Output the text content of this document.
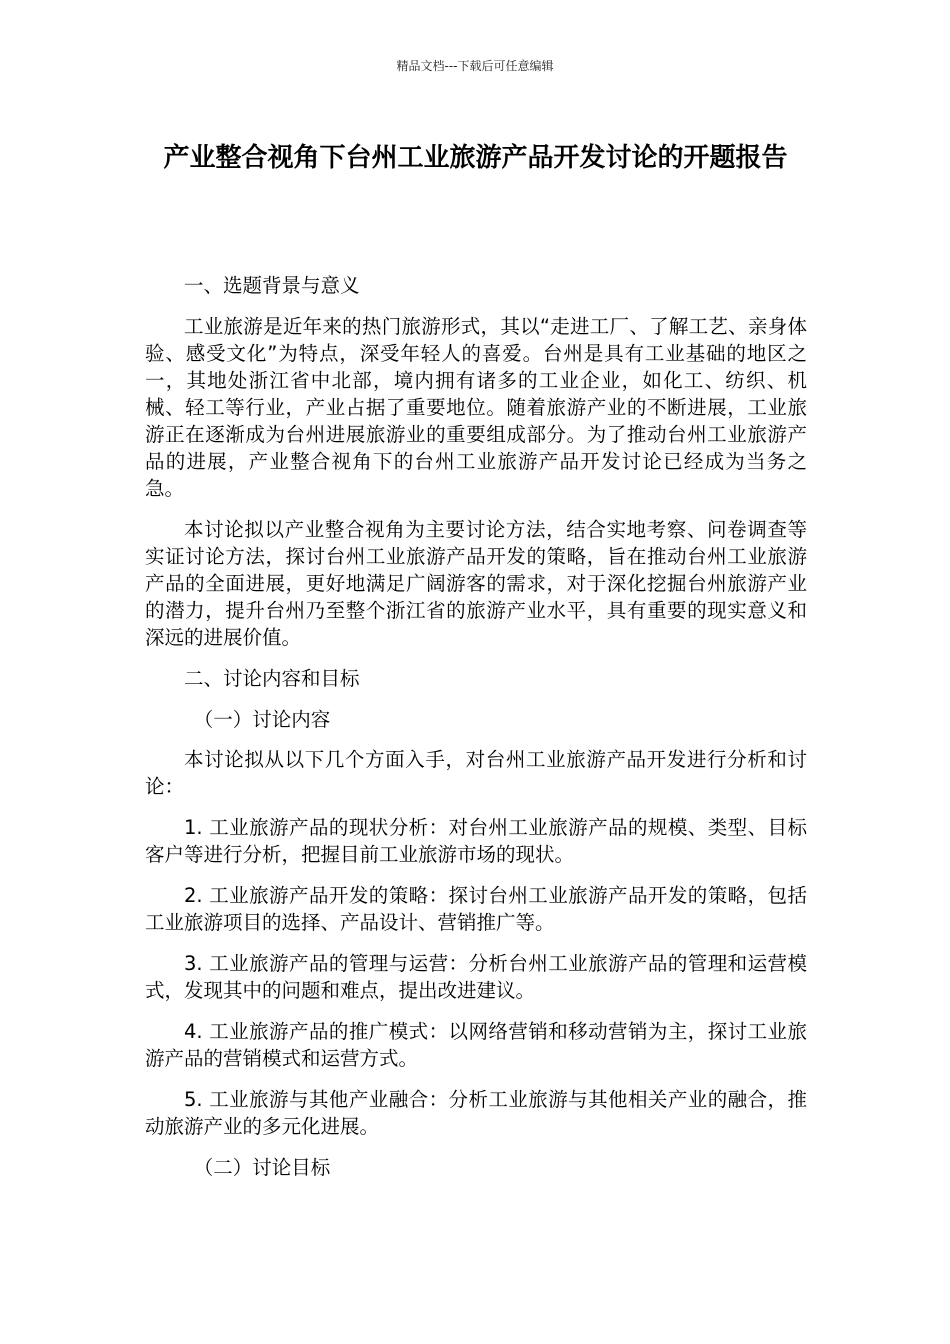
精品文档---下载后可任意编辑
产业整合视角下台州工业旅游产品开发讨论的开题报告

一、选题背景与意义

工业旅游是近年来的热门旅游形式，其以“走进工厂、了解工艺、亲身体验、感受文化”为特点，深受年轻人的喜爱。台州是具有工业基础的地区之一，其地处浙江省中北部，境内拥有诸多的工业企业，如化工、纺织、机械、轻工等行业，产业占据了重要地位。随着旅游产业的不断进展，工业旅游正在逐渐成为台州进展旅游业的重要组成部分。为了推动台州工业旅游产品的进展，产业整合视角下的台州工业旅游产品开发讨论已经成为当务之急。

本讨论拟以产业整合视角为主要讨论方法，结合实地考察、问卷调查等实证讨论方法，探讨台州工业旅游产品开发的策略，旨在推动台州工业旅游产品的全面进展，更好地满足广阔游客的需求，对于深化挖掘台州旅游产业的潜力，提升台州乃至整个浙江省的旅游产业水平，具有重要的现实意义和深远的进展价值。

二、讨论内容和目标

（一）讨论内容

本讨论拟从以下几个方面入手，对台州工业旅游产品开发进行分析和讨论：

1. 工业旅游产品的现状分析：对台州工业旅游产品的规模、类型、目标客户等进行分析，把握目前工业旅游市场的现状。

2. 工业旅游产品开发的策略：探讨台州工业旅游产品开发的策略，包括工业旅游项目的选择、产品设计、营销推广等。

3. 工业旅游产品的管理与运营：分析台州工业旅游产品的管理和运营模式，发现其中的问题和难点，提出改进建议。

4. 工业旅游产品的推广模式：以网络营销和移动营销为主，探讨工业旅游产品的营销模式和运营方式。

5. 工业旅游与其他产业融合：分析工业旅游与其他相关产业的融合，推动旅游产业的多元化进展。

（二）讨论目标
